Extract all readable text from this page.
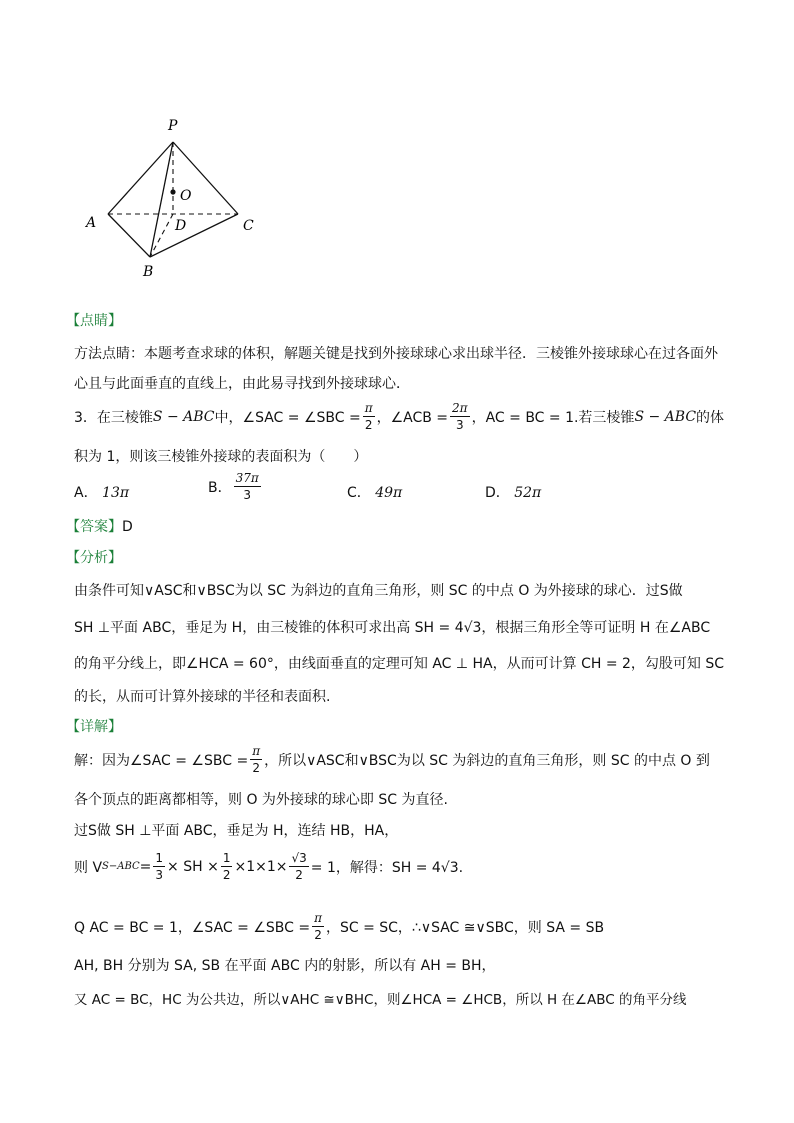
P
O
A	D	C
B
【点睛】
方法点睛：本题考查求球的体积，解题关键是找到外接球球心求出球半径．三棱锥外接球球心在过各面外
心且与此面垂直的直线上，由此易寻找到外接球球心．
3．在三棱锥 S − ABC 中，∠SAC = ∠SBC = $\frac{\pi}{2}$ ，∠ACB = $\frac{2\pi}{3}$ ，AC = BC = 1.若三棱锥 S − ABC 的体
积为 1，则该三棱锥外接球的表面积为（　　）
A． 13π	B． $\frac{37\pi}{3}$	C． 49π	D． 52π
【答案】D
【分析】
由条件可知∨ASC和∨BSC为以 SC 为斜边的直角三角形，则 SC 的中点 O 为外接球的球心．过S做
SH ⊥平面 ABC，垂足为 H，由三棱锥的体积可求出高 SH = 4√3，根据三角形全等可证明 H 在∠ABC
的角平分线上，即∠HCA = 60°，由线面垂直的定理可知 AC ⊥ HA，从而可计算 CH = 2，勾股可知 SC
的长，从而可计算外接球的半径和表面积.
【详解】
解：因为∠SAC = ∠SBC = $\frac{\pi}{2}$ ，所以∨ASC和∨BSC为以 SC 为斜边的直角三角形，则 SC 的中点 O 到
各个顶点的距离都相等，则 O 为外接球的球心即 SC 为直径.
过S做 SH ⊥平面 ABC，垂足为 H，连结 HB，HA，
则 V $S-ABC = \frac{1}{3}$ × SH × $\frac{1}{2} \times 1\times 1\times \frac{√3}{2} = 1$，解得：SH = 4√3.
Q AC = BC = 1，∠SAC = ∠SBC = $\frac{\pi}{2}$ ，SC = SC，∴∨SAC ≅∨SBC，则 SA = SB
AH, BH 分别为 SA, SB 在平面 ABC 内的射影，所以有 AH = BH，
又 AC = BC，HC 为公共边，所以∨AHC ≅∨BHC，则∠HCA = ∠HCB，所以 H 在∠ABC 的角平分线
